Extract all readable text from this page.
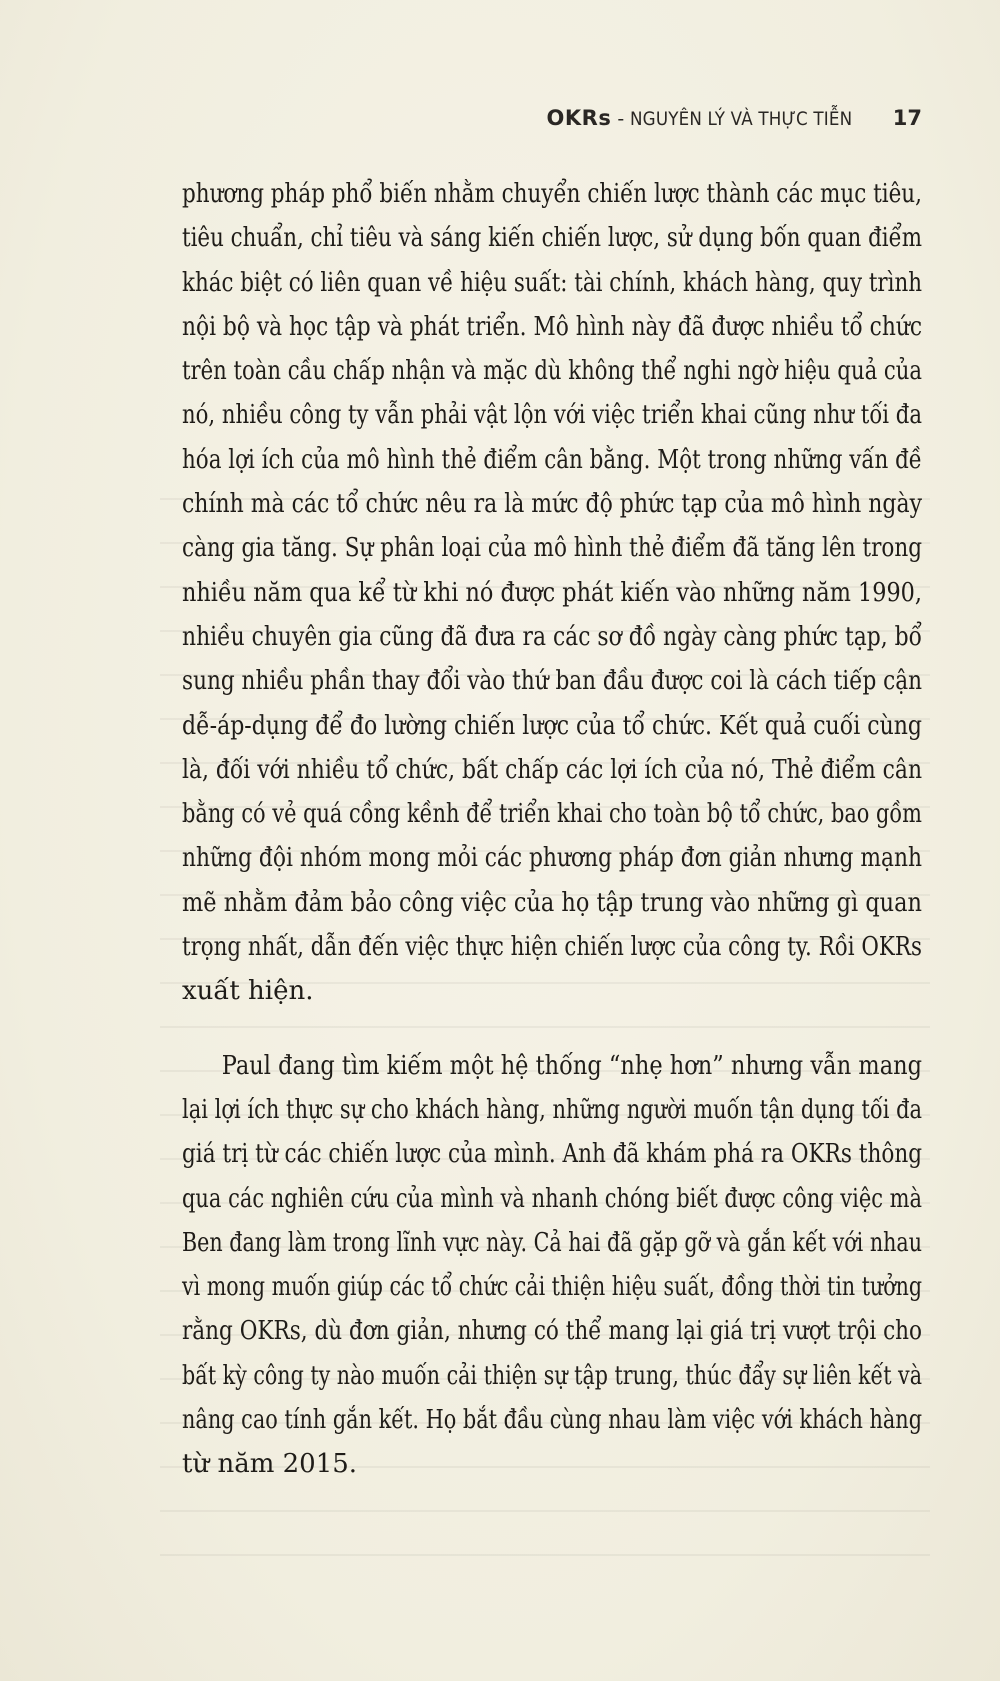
OKRs - NGUYÊN LÝ VÀ THỰC TIỄN 17
phương pháp phổ biến nhằm chuyển chiến lược thành các mục tiêu,
tiêu chuẩn, chỉ tiêu và sáng kiến chiến lược, sử dụng bốn quan điểm
khác biệt có liên quan về hiệu suất: tài chính, khách hàng, quy trình
nội bộ và học tập và phát triển. Mô hình này đã được nhiều tổ chức
trên toàn cầu chấp nhận và mặc dù không thể nghi ngờ hiệu quả của
nó, nhiều công ty vẫn phải vật lộn với việc triển khai cũng như tối đa
hóa lợi ích của mô hình thẻ điểm cân bằng. Một trong những vấn đề
chính mà các tổ chức nêu ra là mức độ phức tạp của mô hình ngày
càng gia tăng. Sự phân loại của mô hình thẻ điểm đã tăng lên trong
nhiều năm qua kể từ khi nó được phát kiến vào những năm 1990,
nhiều chuyên gia cũng đã đưa ra các sơ đồ ngày càng phức tạp, bổ
sung nhiều phần thay đổi vào thứ ban đầu được coi là cách tiếp cận
dễ-áp-dụng để đo lường chiến lược của tổ chức. Kết quả cuối cùng
là, đối với nhiều tổ chức, bất chấp các lợi ích của nó, Thẻ điểm cân
bằng có vẻ quá cồng kềnh để triển khai cho toàn bộ tổ chức, bao gồm
những đội nhóm mong mỏi các phương pháp đơn giản nhưng mạnh
mẽ nhằm đảm bảo công việc của họ tập trung vào những gì quan
trọng nhất, dẫn đến việc thực hiện chiến lược của công ty. Rồi OKRs
xuất hiện.
Paul đang tìm kiếm một hệ thống “nhẹ hơn” nhưng vẫn mang
lại lợi ích thực sự cho khách hàng, những người muốn tận dụng tối đa
giá trị từ các chiến lược của mình. Anh đã khám phá ra OKRs thông
qua các nghiên cứu của mình và nhanh chóng biết được công việc mà
Ben đang làm trong lĩnh vực này. Cả hai đã gặp gỡ và gắn kết với nhau
vì mong muốn giúp các tổ chức cải thiện hiệu suất, đồng thời tin tưởng
rằng OKRs, dù đơn giản, nhưng có thể mang lại giá trị vượt trội cho
bất kỳ công ty nào muốn cải thiện sự tập trung, thúc đẩy sự liên kết và
nâng cao tính gắn kết. Họ bắt đầu cùng nhau làm việc với khách hàng
từ năm 2015.
